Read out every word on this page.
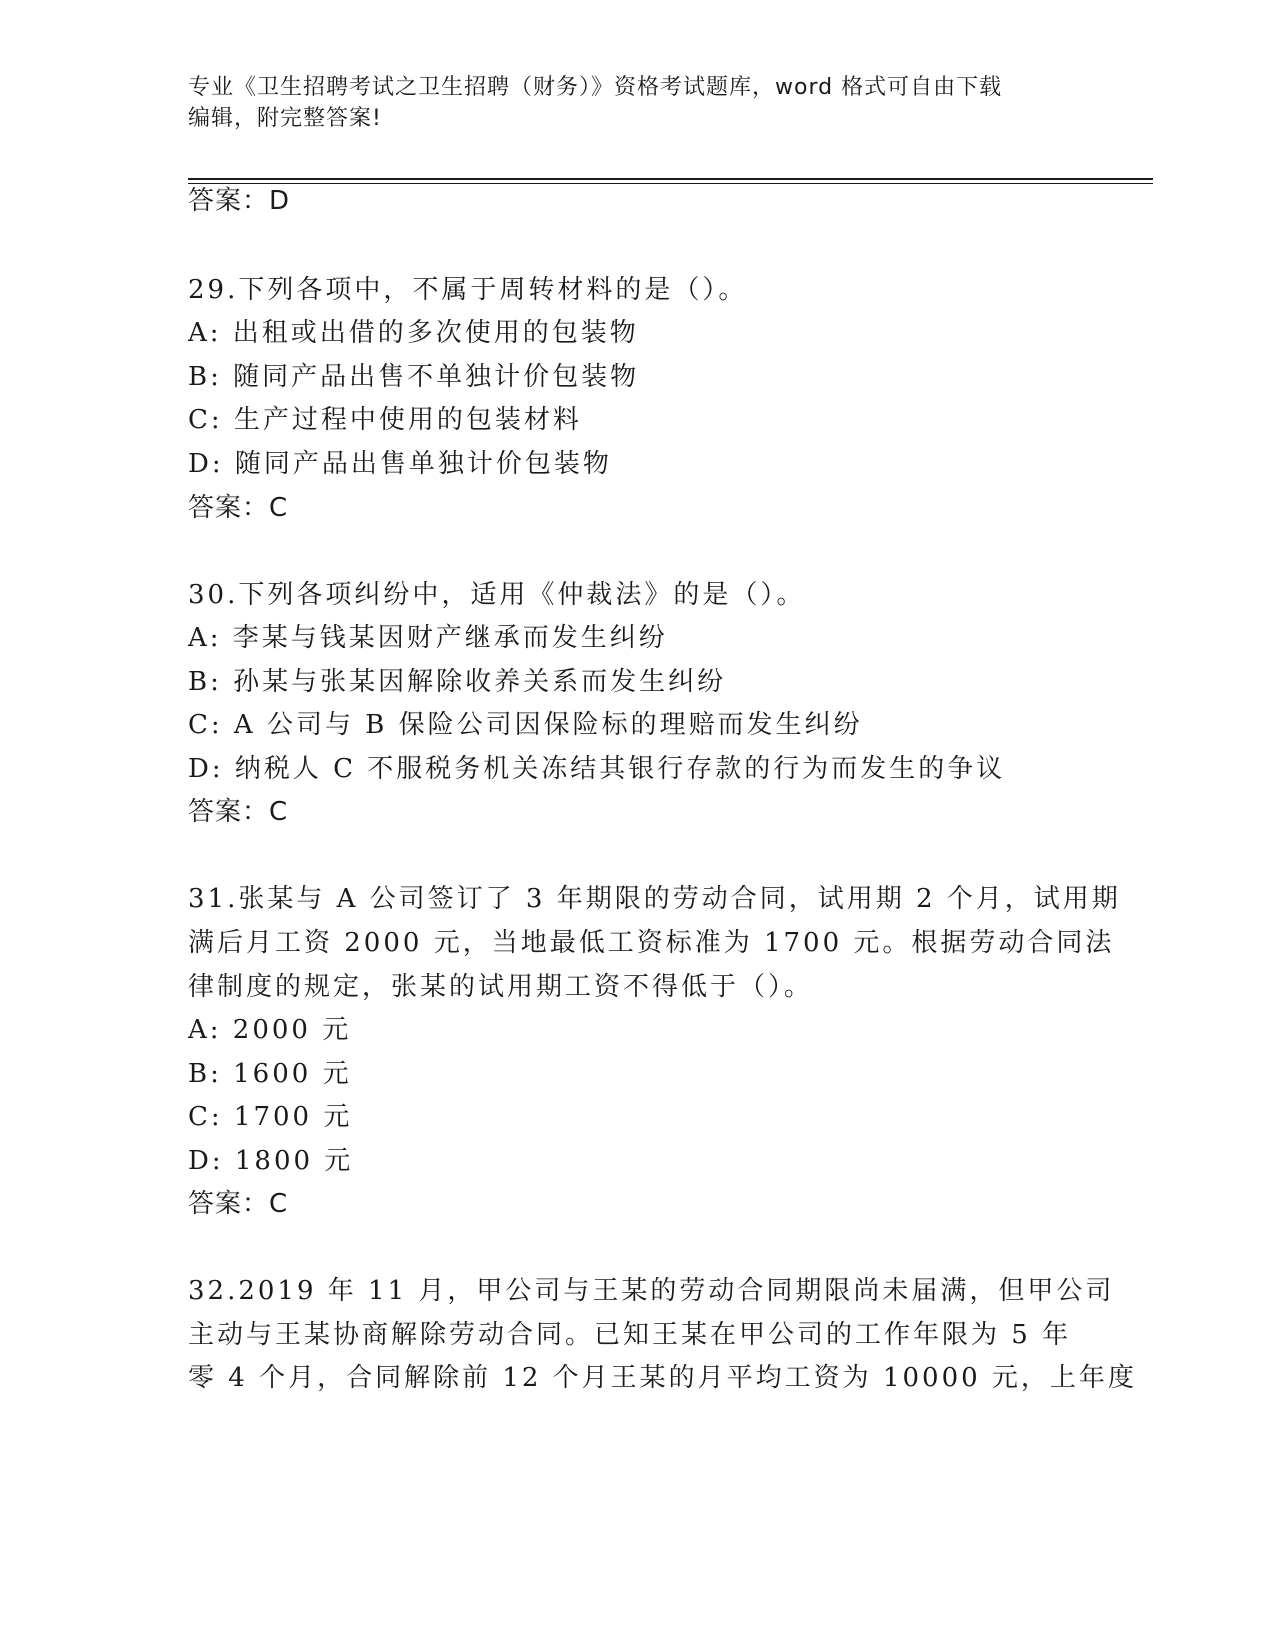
专业《卫生招聘考试之卫生招聘（财务）》资格考试题库，word 格式可自由下载
编辑，附完整答案!
答案：D
29.下列各项中，不属于周转材料的是（）。
A: 出租或出借的多次使用的包装物
B: 随同产品出售不单独计价包装物
C: 生产过程中使用的包装材料
D: 随同产品出售单独计价包装物
答案：C
30.下列各项纠纷中，适用《仲裁法》的是（）。
A: 李某与钱某因财产继承而发生纠纷
B: 孙某与张某因解除收养关系而发生纠纷
C: A 公司与 B 保险公司因保险标的理赔而发生纠纷
D: 纳税人 C 不服税务机关冻结其银行存款的行为而发生的争议
答案：C
31.张某与 A 公司签订了 3 年期限的劳动合同，试用期 2 个月，试用期
满后月工资 2000 元，当地最低工资标准为 1700 元。根据劳动合同法
律制度的规定，张某的试用期工资不得低于（）。
A: 2000 元
B: 1600 元
C: 1700 元
D: 1800 元
答案：C
32.2019 年 11 月，甲公司与王某的劳动合同期限尚未届满，但甲公司
主动与王某协商解除劳动合同。已知王某在甲公司的工作年限为 5 年
零 4 个月，合同解除前 12 个月王某的月平均工资为 10000 元，上年度
